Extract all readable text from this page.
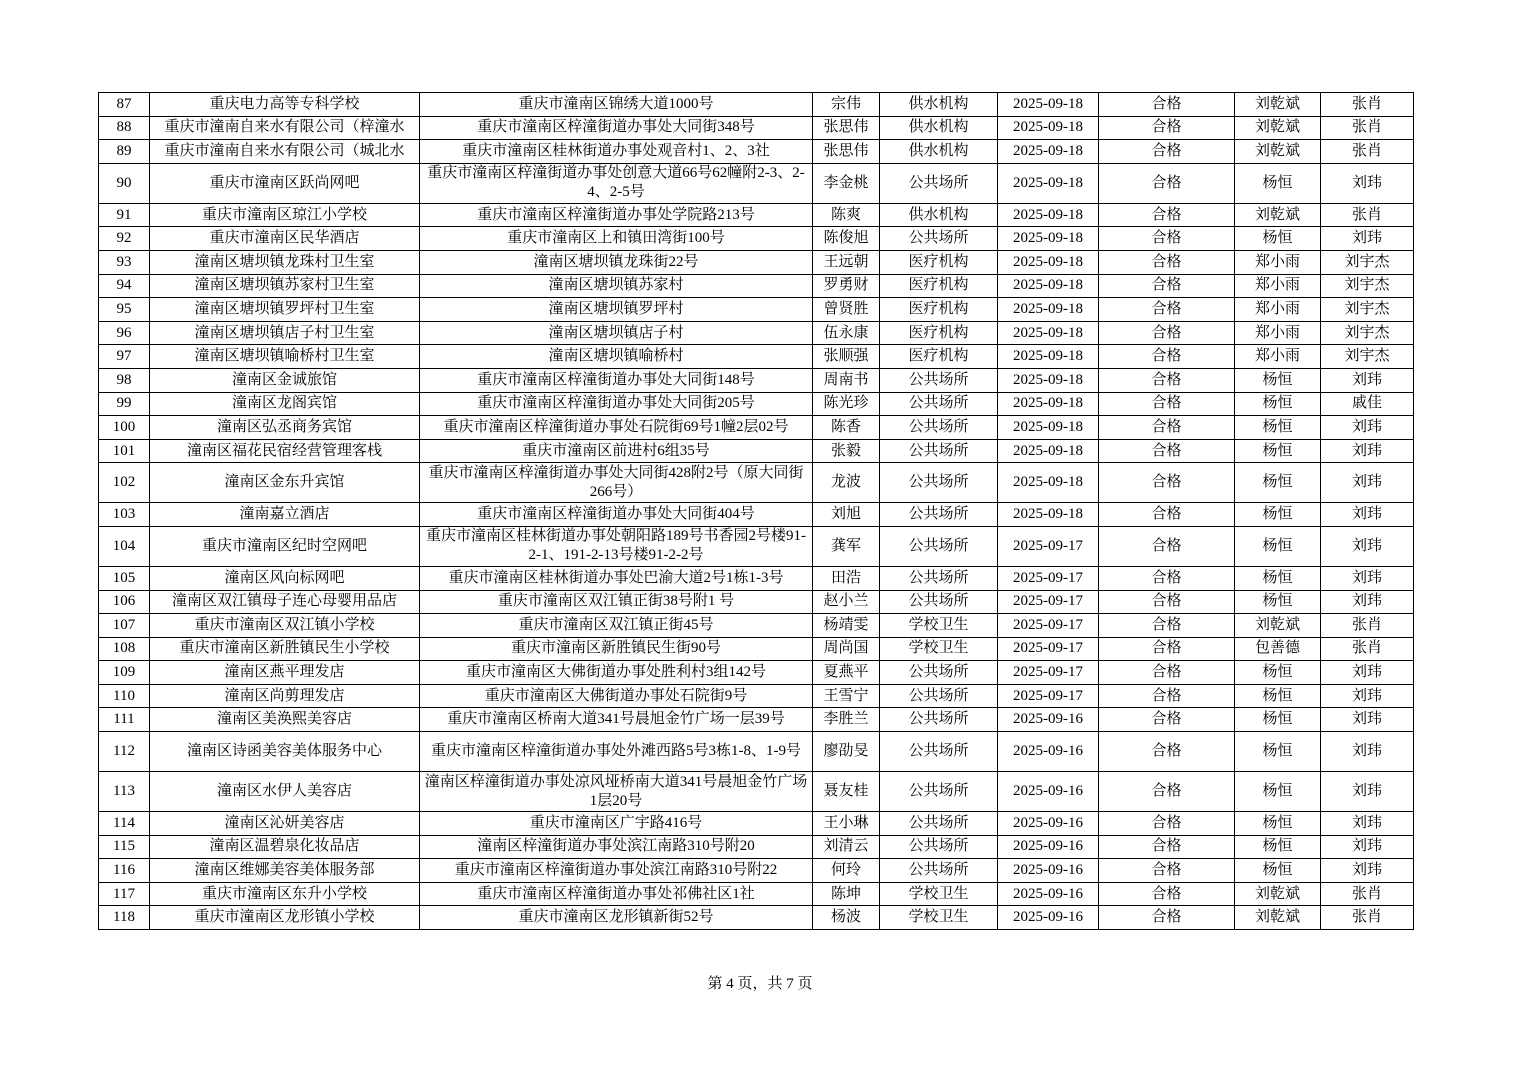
87	重庆电力高等专科学校	重庆市潼南区锦绣大道1000号	宗伟	供水机构	2025-09-18	合格	刘乾斌	张肖
88	重庆市潼南自来水有限公司（梓潼水	重庆市潼南区梓潼街道办事处大同街348号	张思伟	供水机构	2025-09-18	合格	刘乾斌	张肖
89	重庆市潼南自来水有限公司（城北水	重庆市潼南区桂林街道办事处观音村1、2、3社	张思伟	供水机构	2025-09-18	合格	刘乾斌	张肖
90	重庆市潼南区跃尚网吧	重庆市潼南区梓潼街道办事处创意大道66号62幢附2-3、2-4、2-5号	李金桃	公共场所	2025-09-18	合格	杨恒	刘玮
91	重庆市潼南区琼江小学校	重庆市潼南区梓潼街道办事处学院路213号	陈爽	供水机构	2025-09-18	合格	刘乾斌	张肖
92	重庆市潼南区民华酒店	重庆市潼南区上和镇田湾街100号	陈俊旭	公共场所	2025-09-18	合格	杨恒	刘玮
93	潼南区塘坝镇龙珠村卫生室	潼南区塘坝镇龙珠街22号	王远朝	医疗机构	2025-09-18	合格	郑小雨	刘宇杰
94	潼南区塘坝镇苏家村卫生室	潼南区塘坝镇苏家村	罗勇财	医疗机构	2025-09-18	合格	郑小雨	刘宇杰
95	潼南区塘坝镇罗坪村卫生室	潼南区塘坝镇罗坪村	曾贤胜	医疗机构	2025-09-18	合格	郑小雨	刘宇杰
96	潼南区塘坝镇店子村卫生室	潼南区塘坝镇店子村	伍永康	医疗机构	2025-09-18	合格	郑小雨	刘宇杰
97	潼南区塘坝镇喻桥村卫生室	潼南区塘坝镇喻桥村	张顺强	医疗机构	2025-09-18	合格	郑小雨	刘宇杰
98	潼南区金诚旅馆	重庆市潼南区梓潼街道办事处大同街148号	周南书	公共场所	2025-09-18	合格	杨恒	刘玮
99	潼南区龙阁宾馆	重庆市潼南区梓潼街道办事处大同街205号	陈光珍	公共场所	2025-09-18	合格	杨恒	戚佳
100	潼南区弘丞商务宾馆	重庆市潼南区梓潼街道办事处石院街69号1幢2层02号	陈香	公共场所	2025-09-18	合格	杨恒	刘玮
101	潼南区福花民宿经营管理客栈	重庆市潼南区前进村6组35号	张毅	公共场所	2025-09-18	合格	杨恒	刘玮
102	潼南区金东升宾馆	重庆市潼南区梓潼街道办事处大同街428附2号（原大同街266号）	龙波	公共场所	2025-09-18	合格	杨恒	刘玮
103	潼南嘉立酒店	重庆市潼南区梓潼街道办事处大同街404号	刘旭	公共场所	2025-09-18	合格	杨恒	刘玮
104	重庆市潼南区纪时空网吧	重庆市潼南区桂林街道办事处朝阳路189号书香园2号楼91-2-1、191-2-13号楼91-2-2号	龚军	公共场所	2025-09-17	合格	杨恒	刘玮
105	潼南区风向标网吧	重庆市潼南区桂林街道办事处巴渝大道2号1栋1-3号	田浩	公共场所	2025-09-17	合格	杨恒	刘玮
106	潼南区双江镇母子连心母婴用品店	重庆市潼南区双江镇正街38号附1 号	赵小兰	公共场所	2025-09-17	合格	杨恒	刘玮
107	重庆市潼南区双江镇小学校	重庆市潼南区双江镇正街45号	杨靖雯	学校卫生	2025-09-17	合格	刘乾斌	张肖
108	重庆市潼南区新胜镇民生小学校	重庆市潼南区新胜镇民生街90号	周尚国	学校卫生	2025-09-17	合格	包善德	张肖
109	潼南区燕平理发店	重庆市潼南区大佛街道办事处胜利村3组142号	夏燕平	公共场所	2025-09-17	合格	杨恒	刘玮
110	潼南区尚剪理发店	重庆市潼南区大佛街道办事处石院街9号	王雪宁	公共场所	2025-09-17	合格	杨恒	刘玮
111	潼南区美涣熙美容店	重庆市潼南区桥南大道341号晨旭金竹广场一层39号	李胜兰	公共场所	2025-09-16	合格	杨恒	刘玮
112	潼南区诗函美容美体服务中心	重庆市潼南区梓潼街道办事处外滩西路5号3栋1-8、1-9号	廖劭旻	公共场所	2025-09-16	合格	杨恒	刘玮
113	潼南区水伊人美容店	潼南区梓潼街道办事处凉风垭桥南大道341号晨旭金竹广场1层20号	聂友桂	公共场所	2025-09-16	合格	杨恒	刘玮
114	潼南区沁妍美容店	重庆市潼南区广宇路416号	王小琳	公共场所	2025-09-16	合格	杨恒	刘玮
115	潼南区温碧泉化妆品店	潼南区梓潼街道办事处滨江南路310号附20	刘清云	公共场所	2025-09-16	合格	杨恒	刘玮
116	潼南区维娜美容美体服务部	重庆市潼南区梓潼街道办事处滨江南路310号附22	何玲	公共场所	2025-09-16	合格	杨恒	刘玮
117	重庆市潼南区东升小学校	重庆市潼南区梓潼街道办事处祁佛社区1社	陈坤	学校卫生	2025-09-16	合格	刘乾斌	张肖
118	重庆市潼南区龙形镇小学校	重庆市潼南区龙形镇新街52号	杨波	学校卫生	2025-09-16	合格	刘乾斌	张肖
第 4 页，共 7 页
